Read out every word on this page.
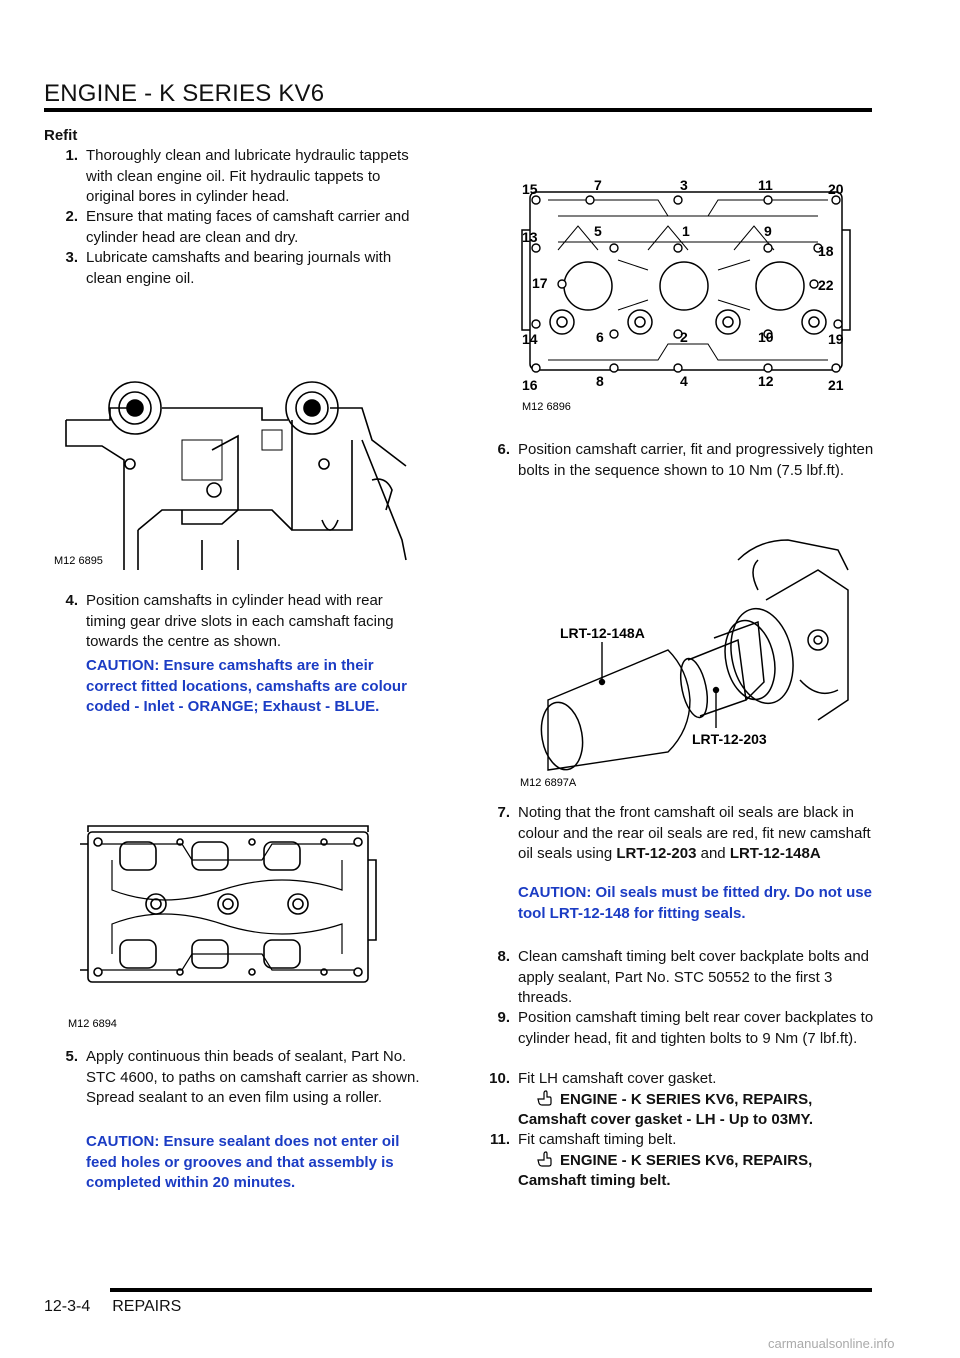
ENGINE - K SERIES KV6
Refit
1. Thoroughly clean and lubricate hydraulic tappets with clean engine oil. Fit hydraulic tappets to original bores in cylinder head.
2. Ensure that mating faces of camshaft carrier and cylinder head are clean and dry.
3. Lubricate camshafts and bearing journals with clean engine oil.
M12 6895
4. Position camshafts in cylinder head with rear timing gear drive slots in each camshaft facing towards the centre as shown.
CAUTION: Ensure camshafts are in their correct fitted locations, camshafts are colour coded - Inlet - ORANGE; Exhaust - BLUE.
M12 6894
5. Apply continuous thin beads of sealant, Part No. STC 4600, to paths on camshaft carrier as shown. Spread sealant to an even film using a roller.
CAUTION: Ensure sealant does not enter oil feed holes or grooves and that assembly is completed within 20 minutes.
15	7	3	11	20
13	5	1	9
18
17	22
14	6	2	10	19
16	8	4	12	21
M12 6896
6. Position camshaft carrier, fit and progressively tighten bolts in the sequence shown to 10 Nm (7.5 lbf.ft).
LRT-12-148A
LRT-12-203
M12 6897A
7. Noting that the front camshaft oil seals are black in colour and the rear oil seals are red, fit new camshaft oil seals using LRT-12-203 and LRT-12-148A
CAUTION: Oil seals must be fitted dry. Do not use tool LRT-12-148 for fitting seals.
8. Clean camshaft timing belt cover backplate bolts and apply sealant, Part No. STC 50552 to the first 3 threads.
9. Position camshaft timing belt rear cover backplates to cylinder head, fit and tighten bolts to 9 Nm (7 lbf.ft).
10. Fit LH camshaft cover gasket.
ENGINE - K SERIES KV6, REPAIRS,
Camshaft cover gasket - LH - Up to 03MY.
11. Fit camshaft timing belt.
ENGINE - K SERIES KV6, REPAIRS,
Camshaft timing belt.
12-3-4 REPAIRS
carmanualsonline.info
